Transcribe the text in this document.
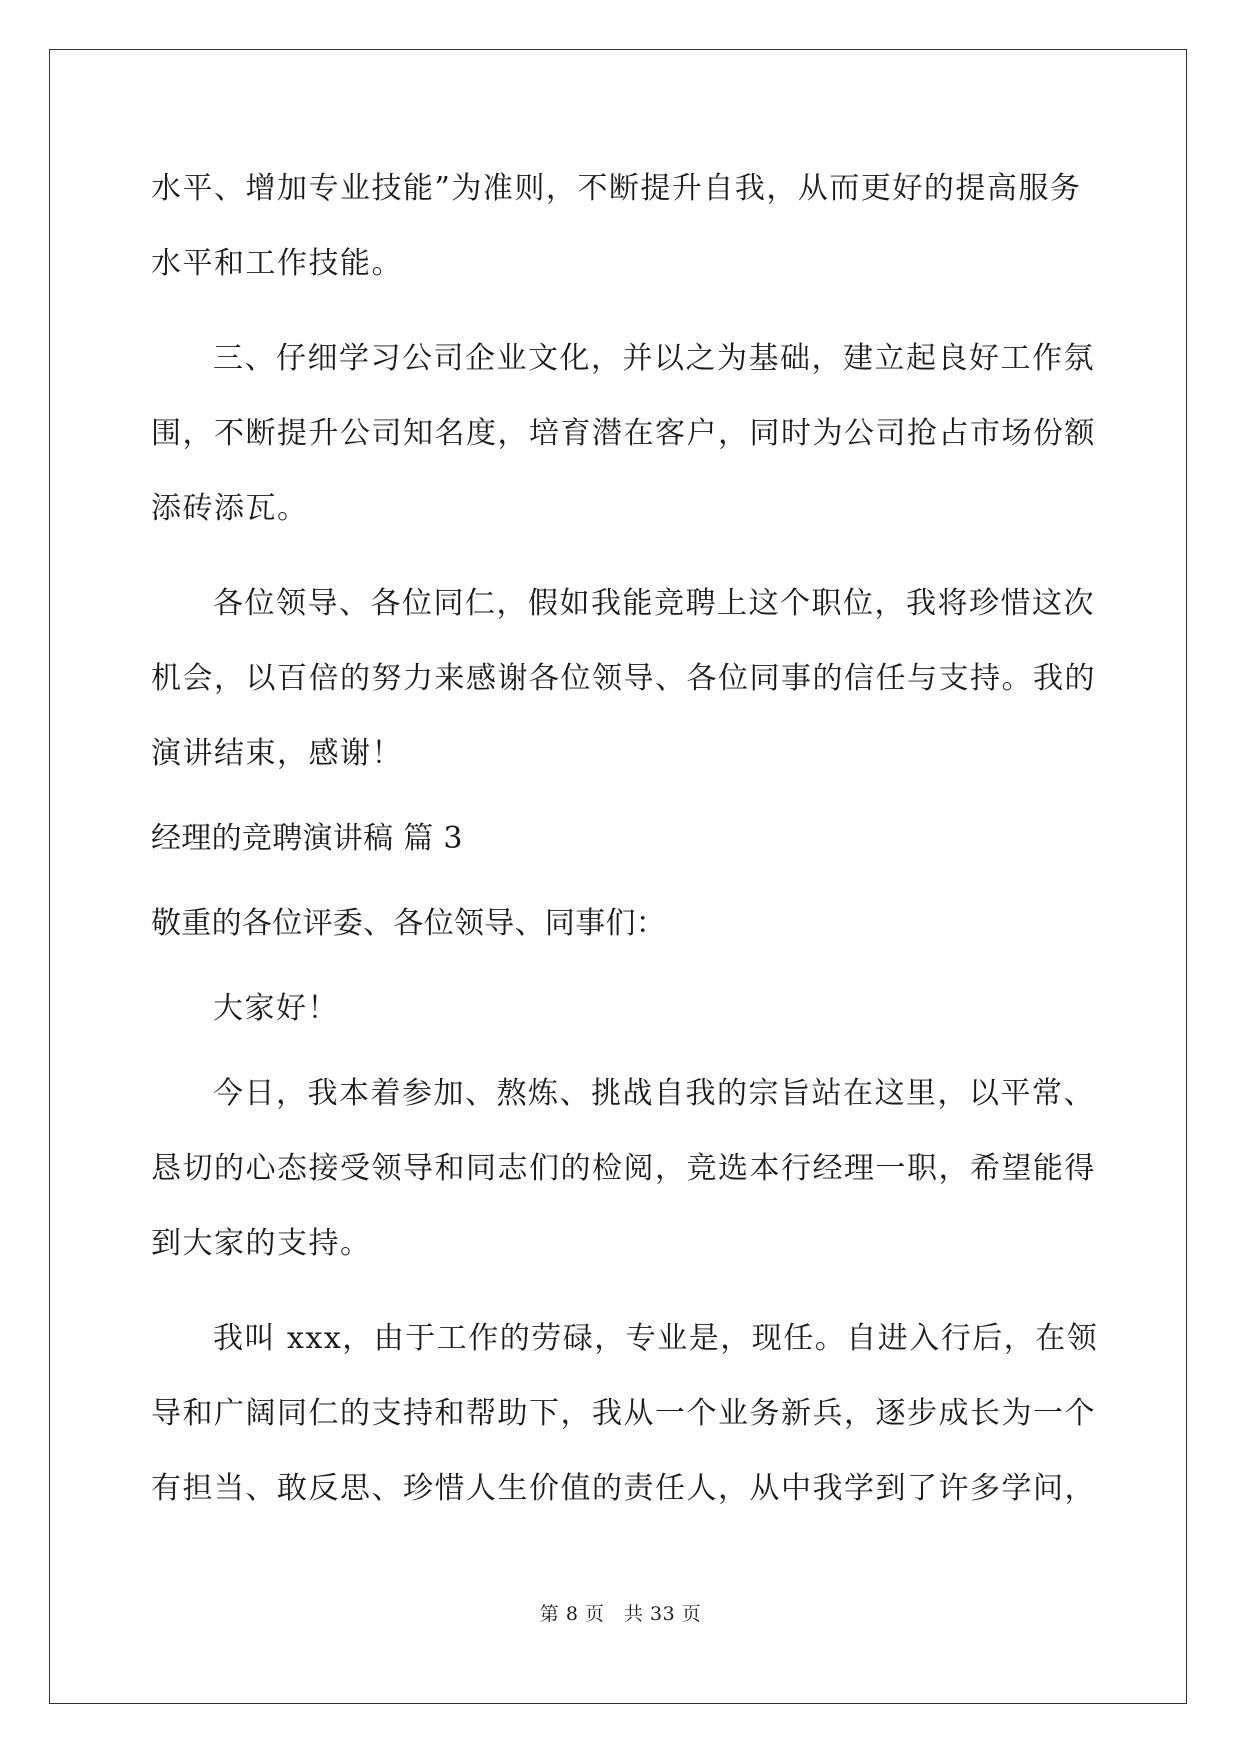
水平、增加专业技能”为准则，不断提升自我，从而更好的提高服务
水平和工作技能。
三、仔细学习公司企业文化，并以之为基础，建立起良好工作氛
围，不断提升公司知名度，培育潜在客户，同时为公司抢占市场份额
添砖添瓦。
各位领导、各位同仁，假如我能竞聘上这个职位，我将珍惜这次
机会，以百倍的努力来感谢各位领导、各位同事的信任与支持。我的
演讲结束，感谢！
经理的竞聘演讲稿 篇 3
敬重的各位评委、各位领导、同事们：
大家好！
今日，我本着参加、熬炼、挑战自我的宗旨站在这里，以平常、
恳切的心态接受领导和同志们的检阅，竞选本行经理一职，希望能得
到大家的支持。
我叫 xxx，由于工作的劳碌，专业是，现任。自进入行后，在领
导和广阔同仁的支持和帮助下，我从一个业务新兵，逐步成长为一个
有担当、敢反思、珍惜人生价值的责任人，从中我学到了许多学问，
第 8 页　共 33 页
